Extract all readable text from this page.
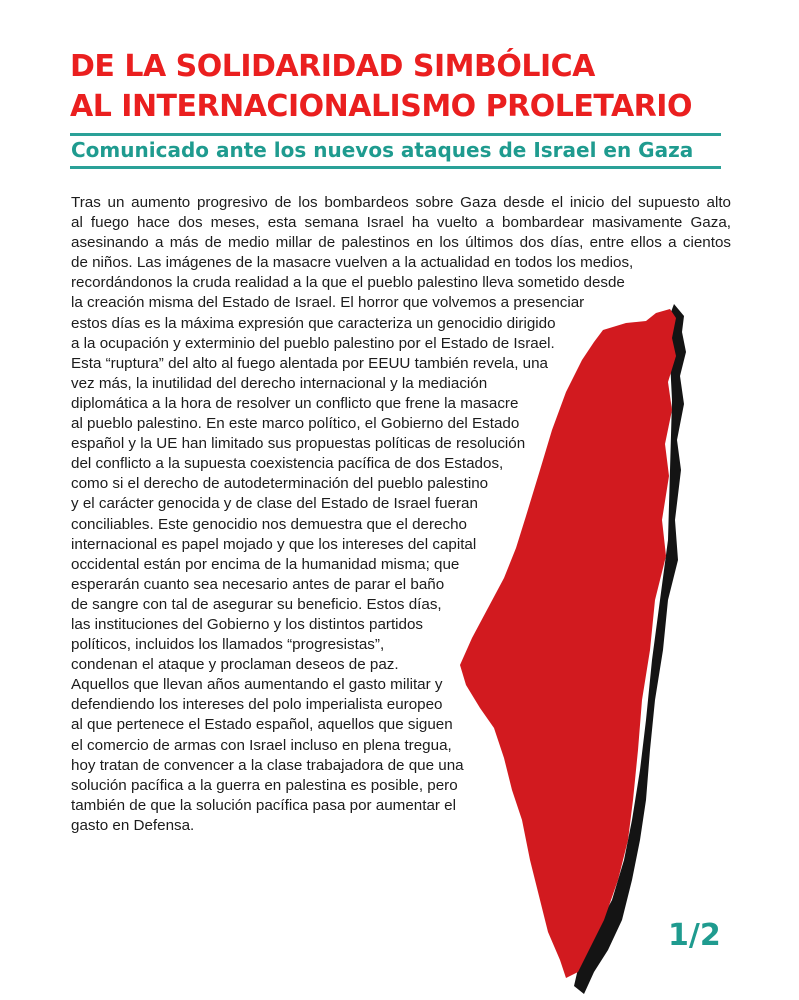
DE LA SOLIDARIDAD SIMBÓLICA
AL INTERNACIONALISMO PROLETARIO
Comunicado ante los nuevos ataques de Israel en Gaza
Tras un aumento progresivo de los bombardeos sobre Gaza desde el inicio del supuesto alto
al fuego hace dos meses, esta semana Israel ha vuelto a bombardear masivamente Gaza,
asesinando a más de medio millar de palestinos en los últimos dos días, entre ellos a cientos
de niños. Las imágenes de la masacre vuelven a la actualidad en todos los medios,
recordándonos la cruda realidad a la que el pueblo palestino lleva sometido desde
la creación misma del Estado de Israel. El horror que volvemos a presenciar
estos días es la máxima expresión que caracteriza un genocidio dirigido
a la ocupación y exterminio del pueblo palestino por el Estado de Israel.
Esta “ruptura” del alto al fuego alentada por EEUU también revela, una
vez más, la inutilidad del derecho internacional y la mediación
diplomática a la hora de resolver un conflicto que frene la masacre
al pueblo palestino. En este marco político, el Gobierno del Estado
español y la UE han limitado sus propuestas políticas de resolución
del conflicto a la supuesta coexistencia pacífica de dos Estados,
como si el derecho de autodeterminación del pueblo palestino
y el carácter genocida y de clase del Estado de Israel fueran
conciliables. Este genocidio nos demuestra que el derecho
internacional es papel mojado y que los intereses del capital
occidental están por encima de la humanidad misma; que
esperarán cuanto sea necesario antes de parar el baño
de sangre con tal de asegurar su beneficio. Estos días,
las instituciones del Gobierno y los distintos partidos
políticos, incluidos los llamados “progresistas”,
condenan el ataque y proclaman deseos de paz.
Aquellos que llevan años aumentando el gasto militar y
defendiendo los intereses del polo imperialista europeo
al que pertenece el Estado español, aquellos que siguen
el comercio de armas con Israel incluso en plena tregua,
hoy tratan de convencer a la clase trabajadora de que una
solución pacífica a la guerra en palestina es posible, pero
también de que la solución pacífica pasa por aumentar el
gasto en Defensa.

1/2
